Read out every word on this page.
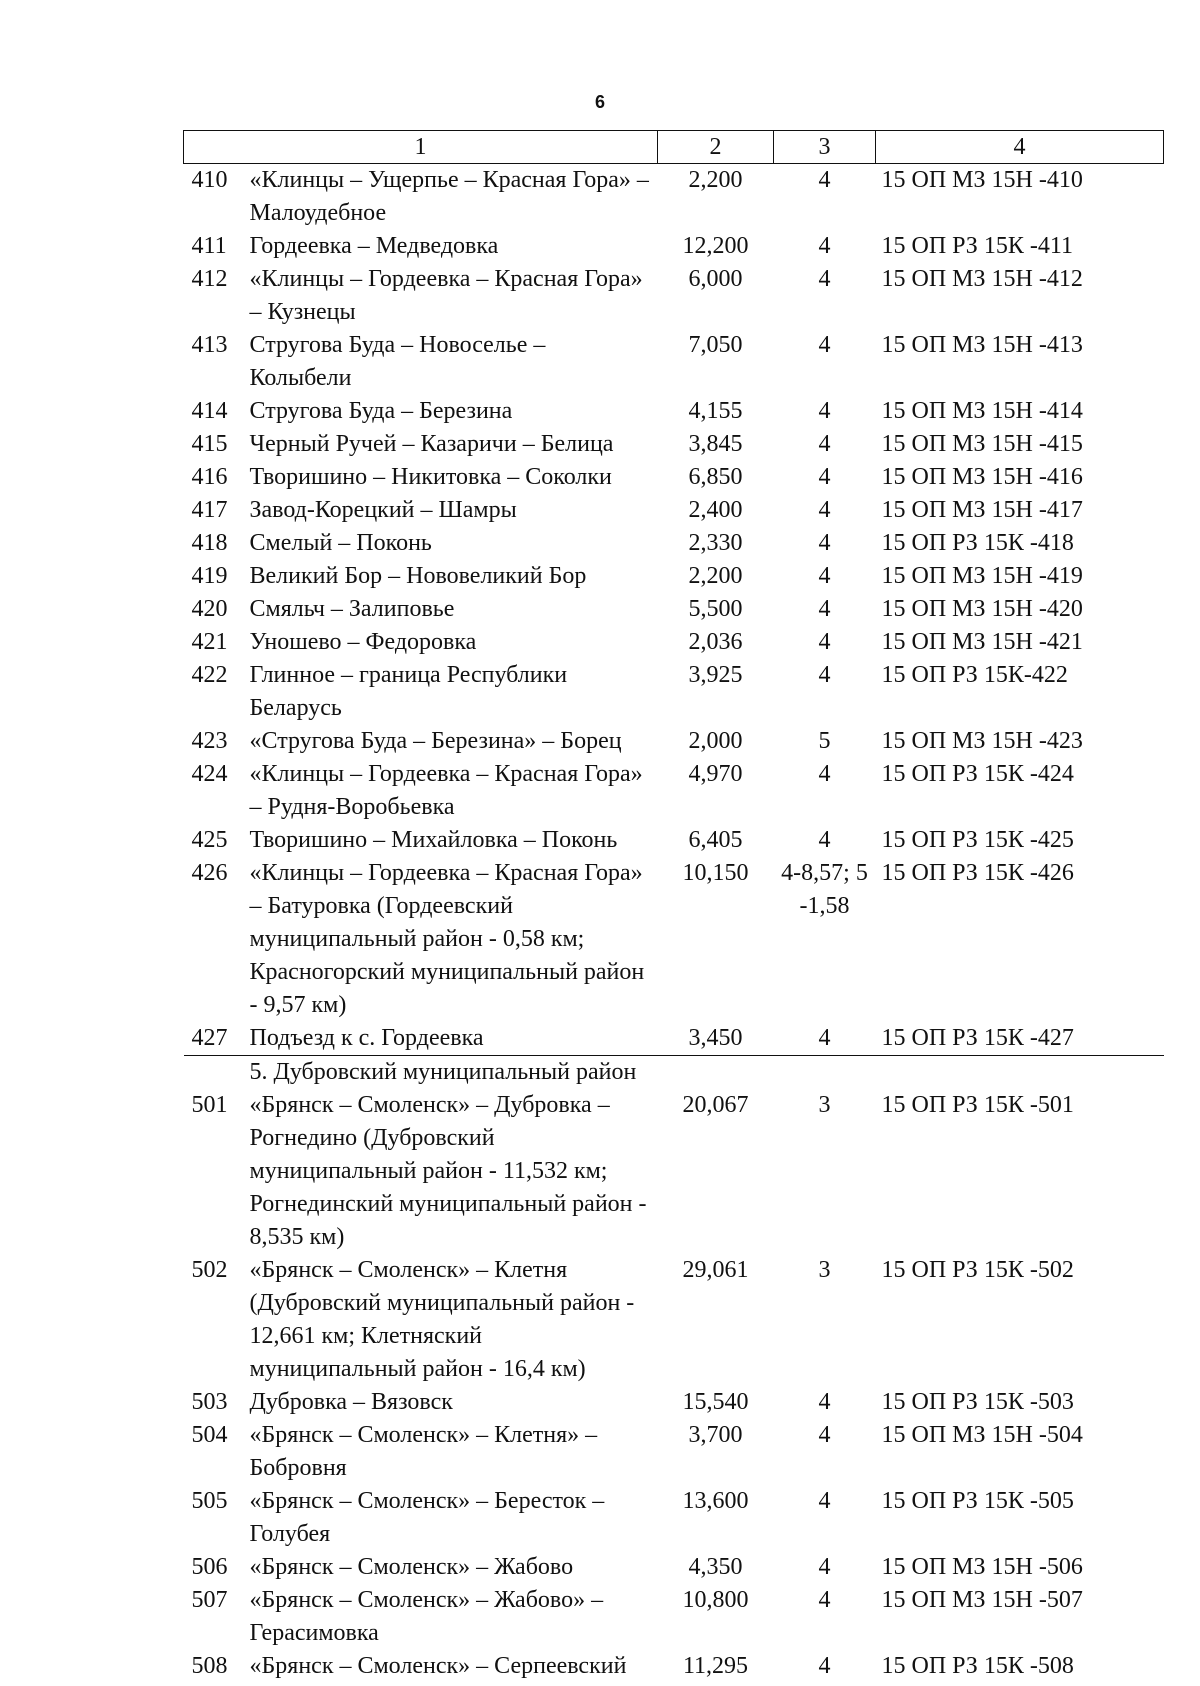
6
1		2	3	4
410	«Клинцы – Ущерпье – Красная Гора» – Малоудебное	2,200	4	15 ОП МЗ 15Н -410
411	Гордеевка – Медведовка	12,200	4	15 ОП РЗ 15К -411
412	«Клинцы – Гордеевка – Красная Гора» – Кузнецы	6,000	4	15 ОП МЗ 15Н -412
413	Стругова Буда – Новоселье – Колыбели	7,050	4	15 ОП МЗ 15Н -413
414	Стругова Буда – Березина	4,155	4	15 ОП МЗ 15Н -414
415	Черный Ручей – Казаричи – Белица	3,845	4	15 ОП МЗ 15Н -415
416	Творишино – Никитовка – Соколки	6,850	4	15 ОП МЗ 15Н -416
417	Завод-Корецкий – Шамры	2,400	4	15 ОП МЗ 15Н -417
418	Смелый – Поконь	2,330	4	15 ОП РЗ 15К -418
419	Великий Бор – Нововеликий Бор	2,200	4	15 ОП МЗ 15Н -419
420	Смяльч – Залиповье	5,500	4	15 ОП МЗ 15Н -420
421	Уношево – Федоровка	2,036	4	15 ОП МЗ 15Н -421
422	Глинное – граница Республики Беларусь	3,925	4	15 ОП РЗ 15К-422
423	«Стругова Буда – Березина» – Борец	2,000	5	15 ОП МЗ 15Н -423
424	«Клинцы – Гордеевка – Красная Гора» – Рудня-Воробьевка	4,970	4	15 ОП РЗ 15К -424
425	Творишино – Михайловка – Поконь	6,405	4	15 ОП РЗ 15К -425
426	«Клинцы – Гордеевка – Красная Гора» – Батуровка (Гордеевский муниципальный район - 0,58 км; Красногорский муниципальный район - 9,57 км)	10,150	4-8,57; 5 -1,58	15 ОП РЗ 15К -426
427	Подъезд к с. Гордеевка	3,450	4	15 ОП РЗ 15К -427
	5. Дубровский муниципальный район			
501	«Брянск – Смоленск» – Дубровка – Рогнедино (Дубровский муниципальный район - 11,532 км; Рогнединский муниципальный район - 8,535 км)	20,067	3	15 ОП РЗ 15К -501
502	«Брянск – Смоленск» – Клетня (Дубровский муниципальный район - 12,661 км; Клетняский муниципальный район - 16,4 км)	29,061	3	15 ОП РЗ 15К -502
503	Дубровка – Вязовск	15,540	4	15 ОП РЗ 15К -503
504	«Брянск – Смоленск» – Клетня» – Бобровня	3,700	4	15 ОП МЗ 15Н -504
505	«Брянск – Смоленск» – Бересток – Голубея	13,600	4	15 ОП РЗ 15К -505
506	«Брянск – Смоленск» – Жабово	4,350	4	15 ОП МЗ 15Н -506
507	«Брянск – Смоленск» – Жабово» – Герасимовка	10,800	4	15 ОП МЗ 15Н -507
508	«Брянск – Смоленск» – Серпеевский	11,295	4	15 ОП РЗ 15К -508
